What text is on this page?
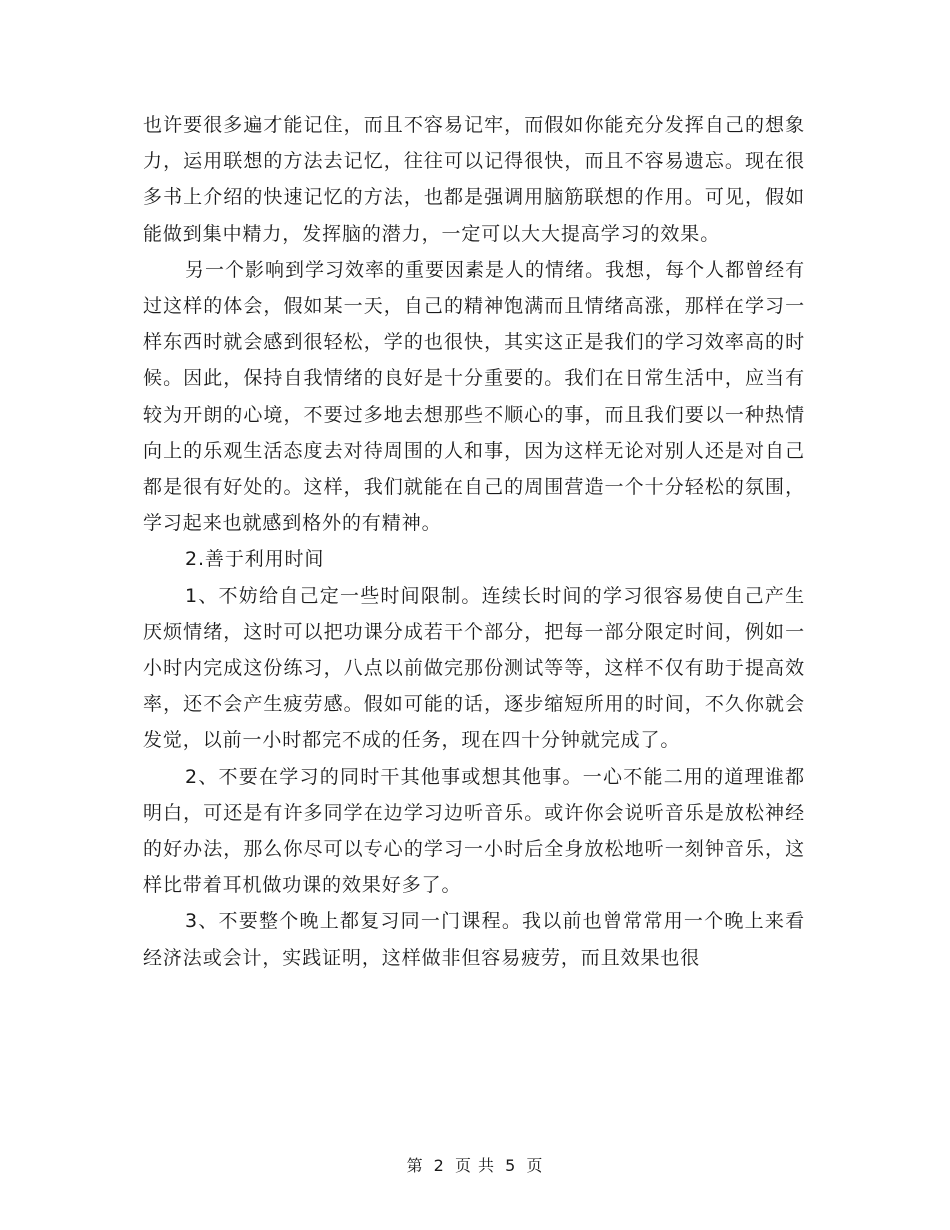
也许要很多遍才能记住，而且不容易记牢，而假如你能充分发挥自己的想象力，运用联想的方法去记忆，往往可以记得很快，而且不容易遗忘。现在很多书上介绍的快速记忆的方法，也都是强调用脑筋联想的作用。可见，假如能做到集中精力，发挥脑的潜力，一定可以大大提高学习的效果。

另一个影响到学习效率的重要因素是人的情绪。我想，每个人都曾经有过这样的体会，假如某一天，自己的精神饱满而且情绪高涨，那样在学习一样东西时就会感到很轻松，学的也很快，其实这正是我们的学习效率高的时候。因此，保持自我情绪的良好是十分重要的。我们在日常生活中，应当有较为开朗的心境，不要过多地去想那些不顺心的事，而且我们要以一种热情向上的乐观生活态度去对待周围的人和事，因为这样无论对别人还是对自己都是很有好处的。这样，我们就能在自己的周围营造一个十分轻松的氛围，学习起来也就感到格外的有精神。

2.善于利用时间

1、不妨给自己定一些时间限制。连续长时间的学习很容易使自己产生厌烦情绪，这时可以把功课分成若干个部分，把每一部分限定时间，例如一小时内完成这份练习，八点以前做完那份测试等等，这样不仅有助于提高效率，还不会产生疲劳感。假如可能的话，逐步缩短所用的时间，不久你就会发觉，以前一小时都完不成的任务，现在四十分钟就完成了。

2、不要在学习的同时干其他事或想其他事。一心不能二用的道理谁都明白，可还是有许多同学在边学习边听音乐。或许你会说听音乐是放松神经的好办法，那么你尽可以专心的学习一小时后全身放松地听一刻钟音乐，这样比带着耳机做功课的效果好多了。

3、不要整个晚上都复习同一门课程。我以前也曾常常用一个晚上来看经济法或会计，实践证明，这样做非但容易疲劳，而且效果也很

第 2 页 共 5 页
